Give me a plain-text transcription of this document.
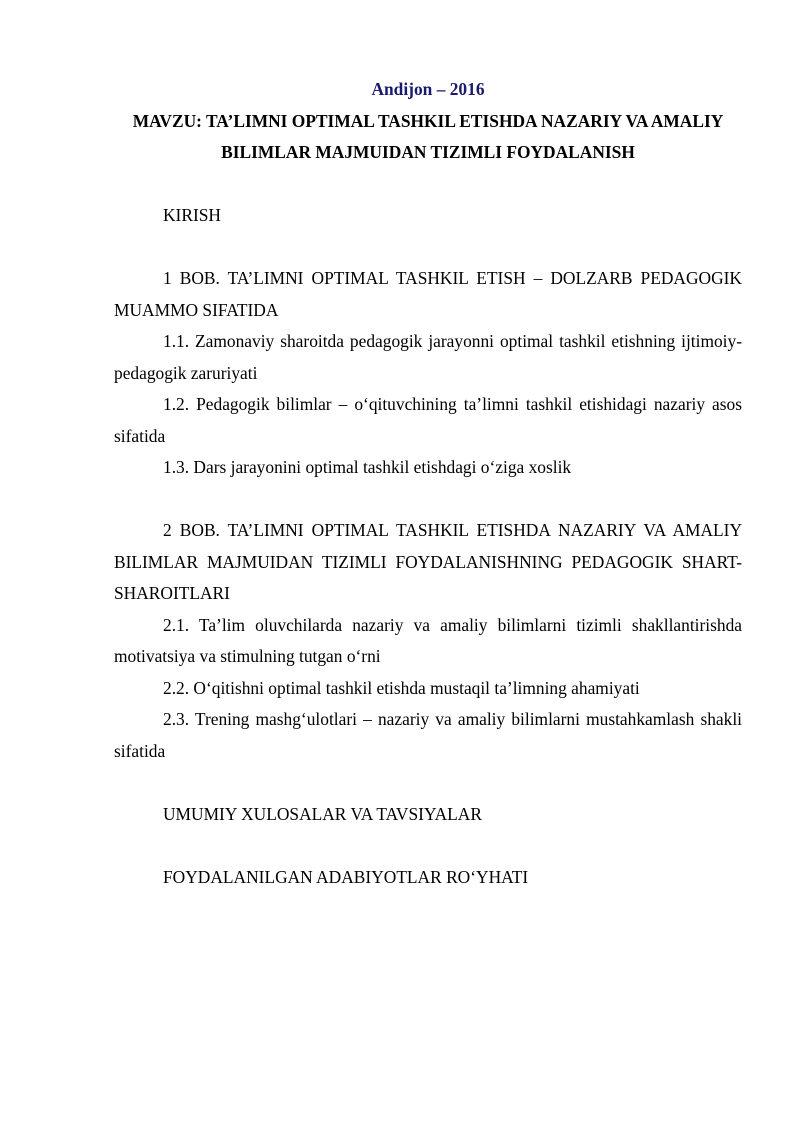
Andijon – 2016

MAVZU: TA’LIMNI OPTIMAL TASHKIL ETISHDA NAZARIY VA AMALIY BILIMLAR MAJMUIDAN TIZIMLI FOYDALANISH

KIRISH

1 BOB. TA’LIMNI OPTIMAL TASHKIL ETISH – DOLZARB PEDAGOGIK MUAMMO SIFATIDA

1.1. Zamonaviy sharoitda pedagogik jarayonni optimal tashkil etishning ijtimoiy-pedagogik zaruriyati

1.2. Pedagogik bilimlar – o‘qituvchining ta’limni tashkil etishidagi nazariy asos sifatida

1.3. Dars jarayonini optimal tashkil etishdagi o‘ziga xoslik

2 BOB. TA’LIMNI OPTIMAL TASHKIL ETISHDA NAZARIY VA AMALIY BILIMLAR MAJMUIDAN TIZIMLI FOYDALANISHNING PEDAGOGIK SHART-SHAROITLARI

2.1. Ta’lim oluvchilarda nazariy va amaliy bilimlarni tizimli shakllantirishda motivatsiya va stimulning tutgan o‘rni

2.2. O‘qitishni optimal tashkil etishda mustaqil ta’limning ahamiyati

2.3. Trening mashg‘ulotlari – nazariy va amaliy bilimlarni mustahkamlash shakli sifatida

UMUMIY XULOSALAR VA TAVSIYALAR

FOYDALANILGAN ADABIYOTLAR RO‘YHATI
